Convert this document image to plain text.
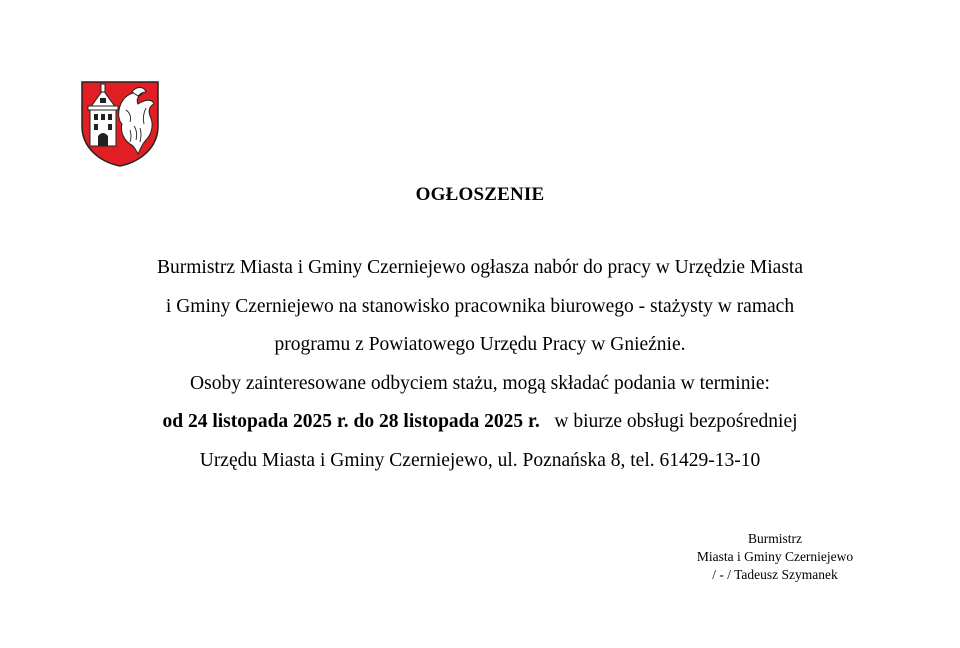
OGŁOSZENIE
Burmistrz Miasta i Gminy Czerniejewo ogłasza nabór do pracy w Urzędzie Miasta
i Gminy Czerniejewo na stanowisko pracownika biurowego - stażysty w ramach
programu z Powiatowego Urzędu Pracy w Gnieźnie.
Osoby zainteresowane odbyciem stażu, mogą składać podania w terminie:
od 24 listopada 2025 r. do 28 listopada 2025 r. w biurze obsługi bezpośredniej
Urzędu Miasta i Gminy Czerniejewo, ul. Poznańska 8, tel. 61429-13-10
Burmistrz
Miasta i Gminy Czerniejewo
/ - / Tadeusz Szymanek
